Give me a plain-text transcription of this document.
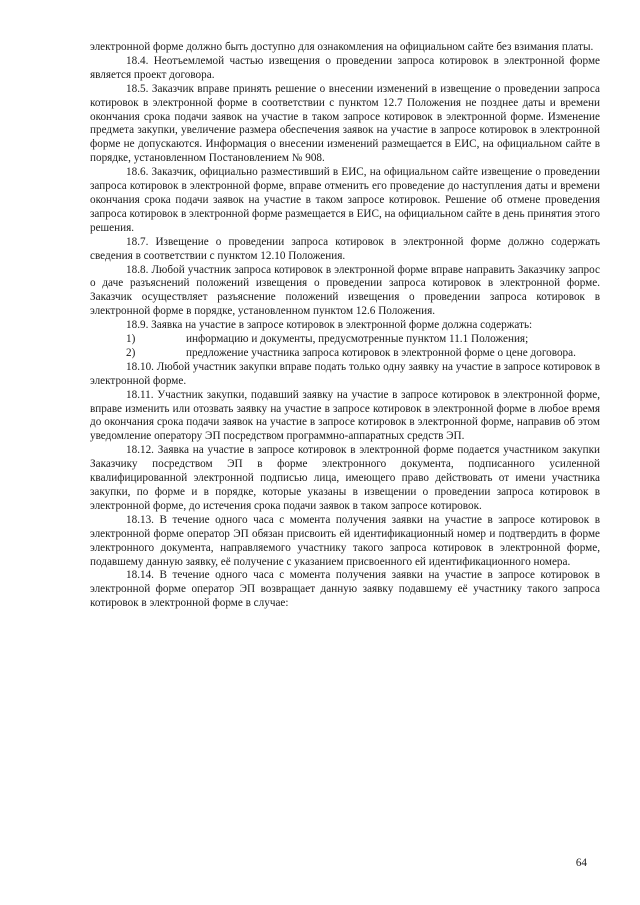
электронной форме должно быть доступно для ознакомления на официальном сайте без взимания платы.

18.4. Неотъемлемой частью извещения о проведении запроса котировок в электронной форме является проект договора.

18.5. Заказчик вправе принять решение о внесении изменений в извещение о проведении запроса котировок в электронной форме в соответствии с пунктом 12.7 Положения не позднее даты и времени окончания срока подачи заявок на участие в таком запросе котировок в электронной форме. Изменение предмета закупки, увеличение размера обеспечения заявок на участие в запросе котировок в электронной форме не допускаются. Информация о внесении изменений размещается в ЕИС, на официальном сайте в порядке, установленном Постановлением № 908.

18.6. Заказчик, официально разместивший в ЕИС, на официальном сайте извещение о проведении запроса котировок в электронной форме, вправе отменить его проведение до наступления даты и времени окончания срока подачи заявок на участие в таком запросе котировок. Решение об отмене проведения запроса котировок в электронной форме размещается в ЕИС, на официальном сайте в день принятия этого решения.

18.7. Извещение о проведении запроса котировок в электронной форме должно содержать сведения в соответствии с пунктом 12.10 Положения.

18.8. Любой участник запроса котировок в электронной форме вправе направить Заказчику запрос о даче разъяснений положений извещения о проведении запроса котировок в электронной форме. Заказчик осуществляет разъяснение положений извещения о проведении запроса котировок в электронной форме в порядке, установленном пунктом 12.6 Положения.

18.9. Заявка на участие в запросе котировок в электронной форме должна содержать:

1)	информацию и документы, предусмотренные пунктом 11.1 Положения;
2)	предложение участника запроса котировок в электронной форме о цене договора.

18.10. Любой участник закупки вправе подать только одну заявку на участие в запросе котировок в электронной форме.

18.11. Участник закупки, подавший заявку на участие в запросе котировок в электронной форме, вправе изменить или отозвать заявку на участие в запросе котировок в электронной форме в любое время до окончания срока подачи заявок на участие в запросе котировок в электронной форме, направив об этом уведомление оператору ЭП посредством программно-аппаратных средств ЭП.

18.12. Заявка на участие в запросе котировок в электронной форме подается участником закупки Заказчику посредством ЭП в форме электронного документа, подписанного усиленной квалифицированной электронной подписью лица, имеющего право действовать от имени участника закупки, по форме и в порядке, которые указаны в извещении о проведении запроса котировок в электронной форме, до истечения срока подачи заявок в таком запросе котировок.

18.13. В течение одного часа с момента получения заявки на участие в запросе котировок в электронной форме оператор ЭП обязан присвоить ей идентификационный номер и подтвердить в форме электронного документа, направляемого участнику такого запроса котировок в электронной форме, подавшему данную заявку, её получение с указанием присвоенного ей идентификационного номера.

18.14. В течение одного часа с момента получения заявки на участие в запросе котировок в электронной форме оператор ЭП возвращает данную заявку подавшему её участнику такого запроса котировок в электронной форме в случае:

64
